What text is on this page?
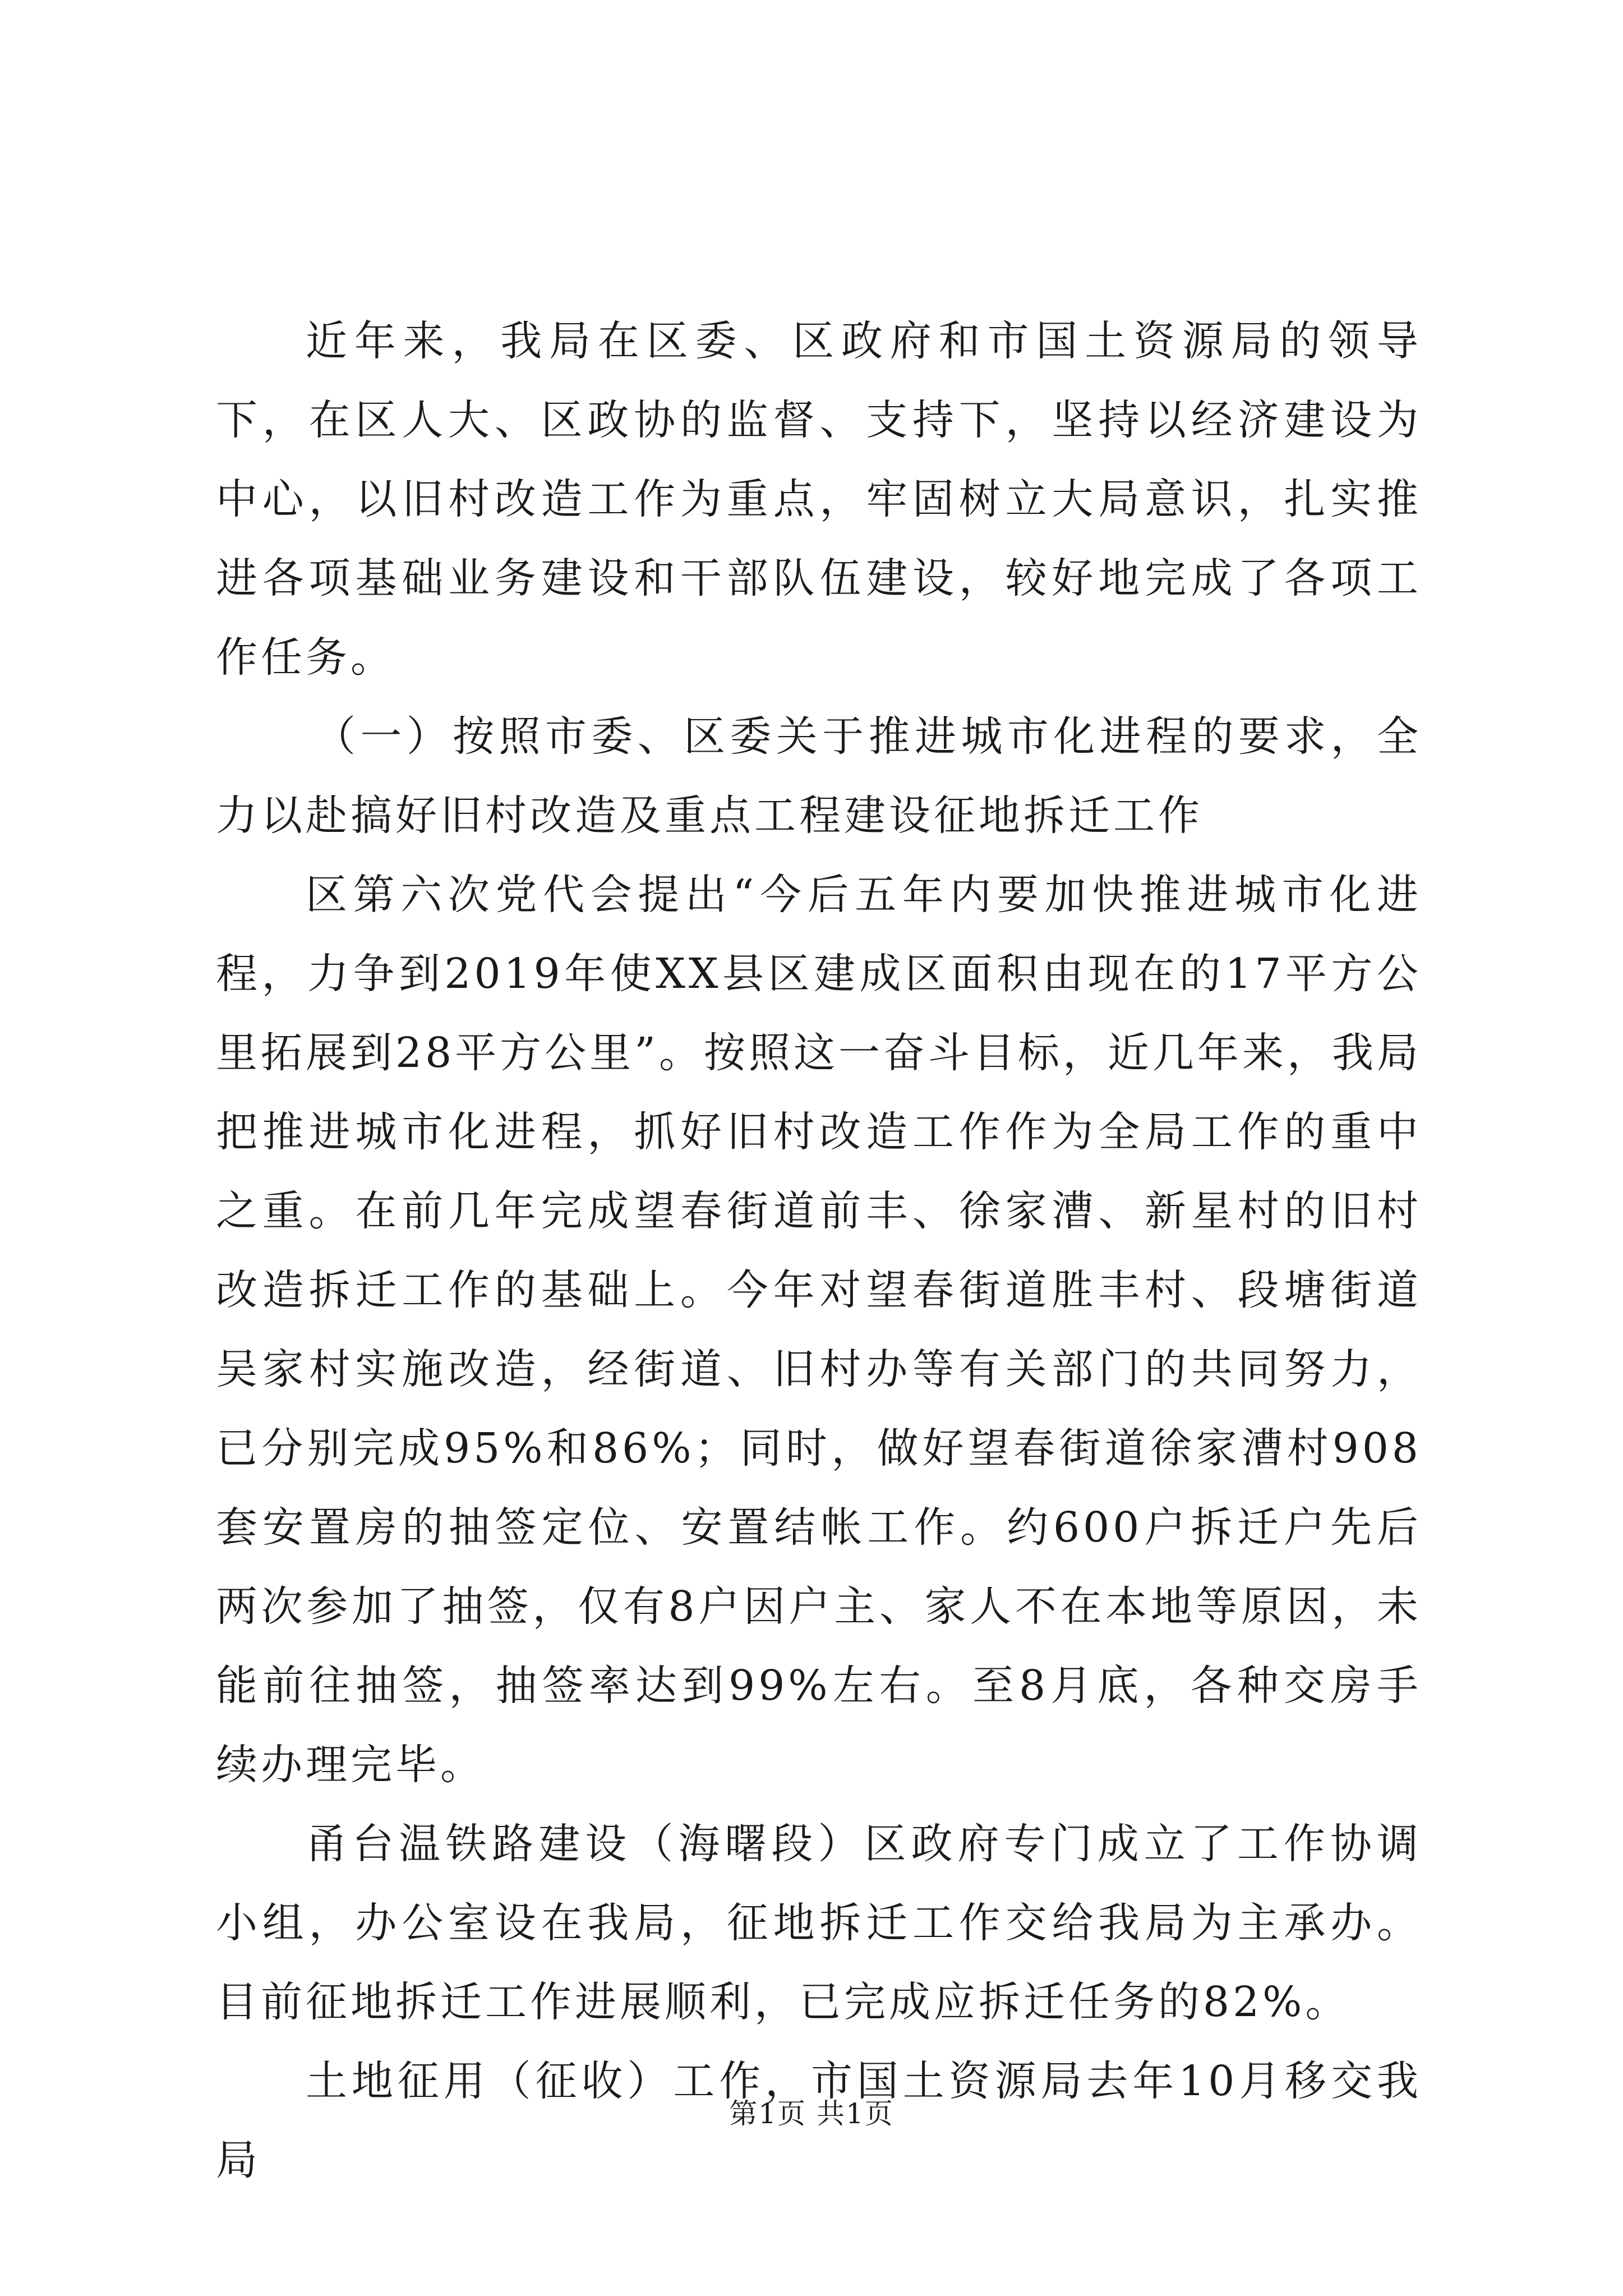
近年来，我局在区委、区政府和市国土资源局的领导下，在区人大、区政协的监督、支持下，坚持以经济建设为中心，以旧村改造工作为重点，牢固树立大局意识，扎实推进各项基础业务建设和干部队伍建设，较好地完成了各项工作任务。

（一）按照市委、区委关于推进城市化进程的要求，全力以赴搞好旧村改造及重点工程建设征地拆迁工作

区第六次党代会提出“今后五年内要加快推进城市化进程，力争到2019年使XX县区建成区面积由现在的17平方公里拓展到28平方公里”。按照这一奋斗目标，近几年来，我局把推进城市化进程，抓好旧村改造工作作为全局工作的重中之重。在前几年完成望春街道前丰、徐家漕、新星村的旧村改造拆迁工作的基础上。今年对望春街道胜丰村、段塘街道吴家村实施改造，经街道、旧村办等有关部门的共同努力，已分别完成95%和86%；同时，做好望春街道徐家漕村908套安置房的抽签定位、安置结帐工作。约600户拆迁户先后两次参加了抽签，仅有8户因户主、家人不在本地等原因，未能前往抽签，抽签率达到99%左右。至8月底，各种交房手续办理完毕。

甬台温铁路建设（海曙段）区政府专门成立了工作协调小组，办公室设在我局，征地拆迁工作交给我局为主承办。目前征地拆迁工作进展顺利，已完成应拆迁任务的82%。

土地征用（征收）工作，市国土资源局去年10月移交我局

第1页 共1页
